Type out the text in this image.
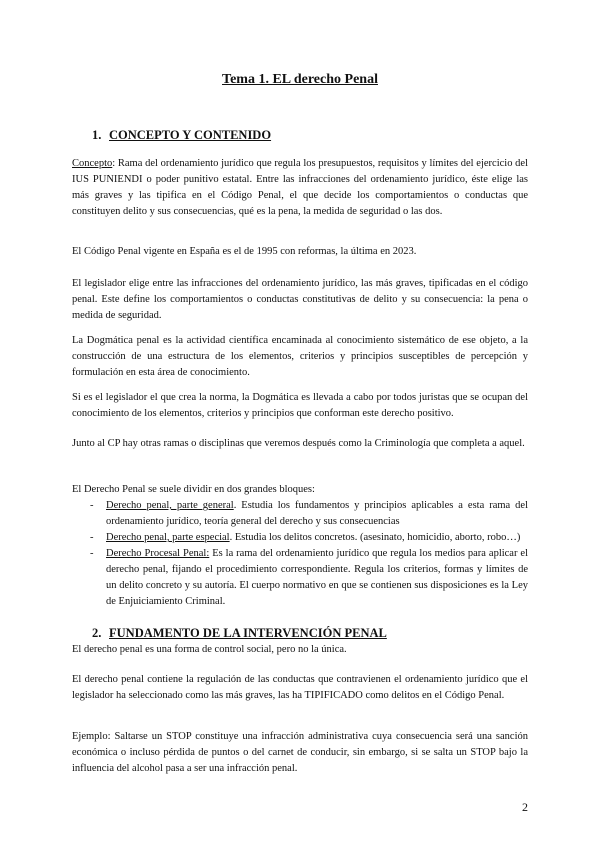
Tema 1. EL derecho Penal
1. CONCEPTO Y CONTENIDO

Concepto: Rama del ordenamiento jurídico que regula los presupuestos, requisitos y límites del ejercicio del IUS PUNIENDI o poder punitivo estatal. Entre las infracciones del ordenamiento jurídico, éste elige las más graves y las tipifica en el Código Penal, el que decide los comportamientos o conductas que constituyen delito y sus consecuencias, qué es la pena, la medida de seguridad o las dos.

El Código Penal vigente en España es el de 1995 con reformas, la última en 2023.

El legislador elige entre las infracciones del ordenamiento jurídico, las más graves, tipificadas en el código penal. Este define los comportamientos o conductas constitutivas de delito y su consecuencia: la pena o medida de seguridad.

La Dogmática penal es la actividad científica encaminada al conocimiento sistemático de ese objeto, a la construcción de una estructura de los elementos, criterios y principios susceptibles de percepción y formulación en esta área de conocimiento.

Si es el legislador el que crea la norma, la Dogmática es llevada a cabo por todos juristas que se ocupan del conocimiento de los elementos, criterios y principios que conforman este derecho positivo.

Junto al CP hay otras ramas o disciplinas que veremos después como la Criminología que completa a aquel.

El Derecho Penal se suele dividir en dos grandes bloques:

- Derecho penal, parte general. Estudia los fundamentos y principios aplicables a esta rama del ordenamiento jurídico, teoría general del derecho y sus consecuencias
- Derecho penal, parte especial. Estudia los delitos concretos. (asesinato, homicidio, aborto, robo…)
- Derecho Procesal Penal: Es la rama del ordenamiento jurídico que regula los medios para aplicar el derecho penal, fijando el procedimiento correspondiente. Regula los criterios, formas y límites de un delito concreto y su autoría. El cuerpo normativo en que se contienen sus disposiciones es la Ley de Enjuiciamiento Criminal.
2. FUNDAMENTO DE LA INTERVENCIÓN PENAL

El derecho penal es una forma de control social, pero no la única.

El derecho penal contiene la regulación de las conductas que contravienen el ordenamiento jurídico que el legislador ha seleccionado como las más graves, las ha TIPIFICADO como delitos en el Código Penal.

Ejemplo: Saltarse un STOP constituye una infracción administrativa cuya consecuencia será una sanción económica o incluso pérdida de puntos o del carnet de conducir, sin embargo, si se salta un STOP bajo la influencia del alcohol pasa a ser una infracción penal.

2
